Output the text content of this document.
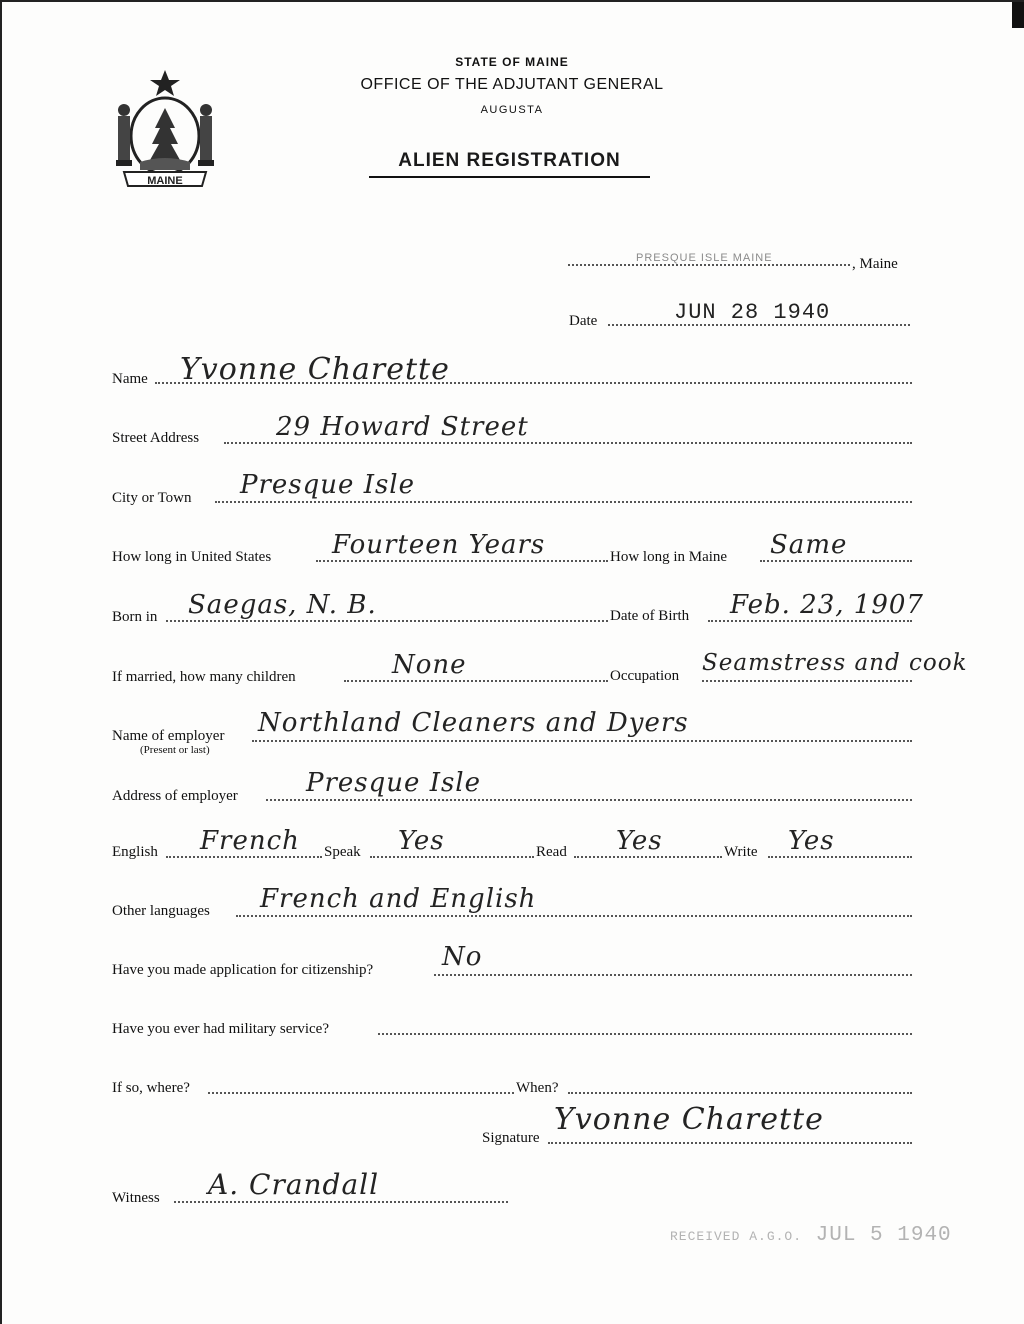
MAINE
STATE OF MAINE
OFFICE OF THE ADJUTANT GENERAL
AUGUSTA
ALIEN REGISTRATION
PRESQUE ISLE MAINE	, Maine
Date	JUN 28 1940
Name Yvonne Charette
Street Address	29 Howard Street
City or Town Presque Isle
How long in United States Fourteen Years	How long in Maine Same
Born in Saegas, N. B.	Date of Birth Feb. 23, 1907
If married, how many children	None	Occupation Seamstress and cook
Name of employer
(Present or last)
Northland Cleaners and Dyers
Address of employer	Presque Isle
English French Speak Yes	Read Yes	Write Yes
Other languages French and English
Have you made application for citizenship?	No
Have you ever had military service?
If so, where?	When?
Signature
Yvonne Charette
Witness A. Crandall
RECEIVED A.G.O. JUL 5 1940
